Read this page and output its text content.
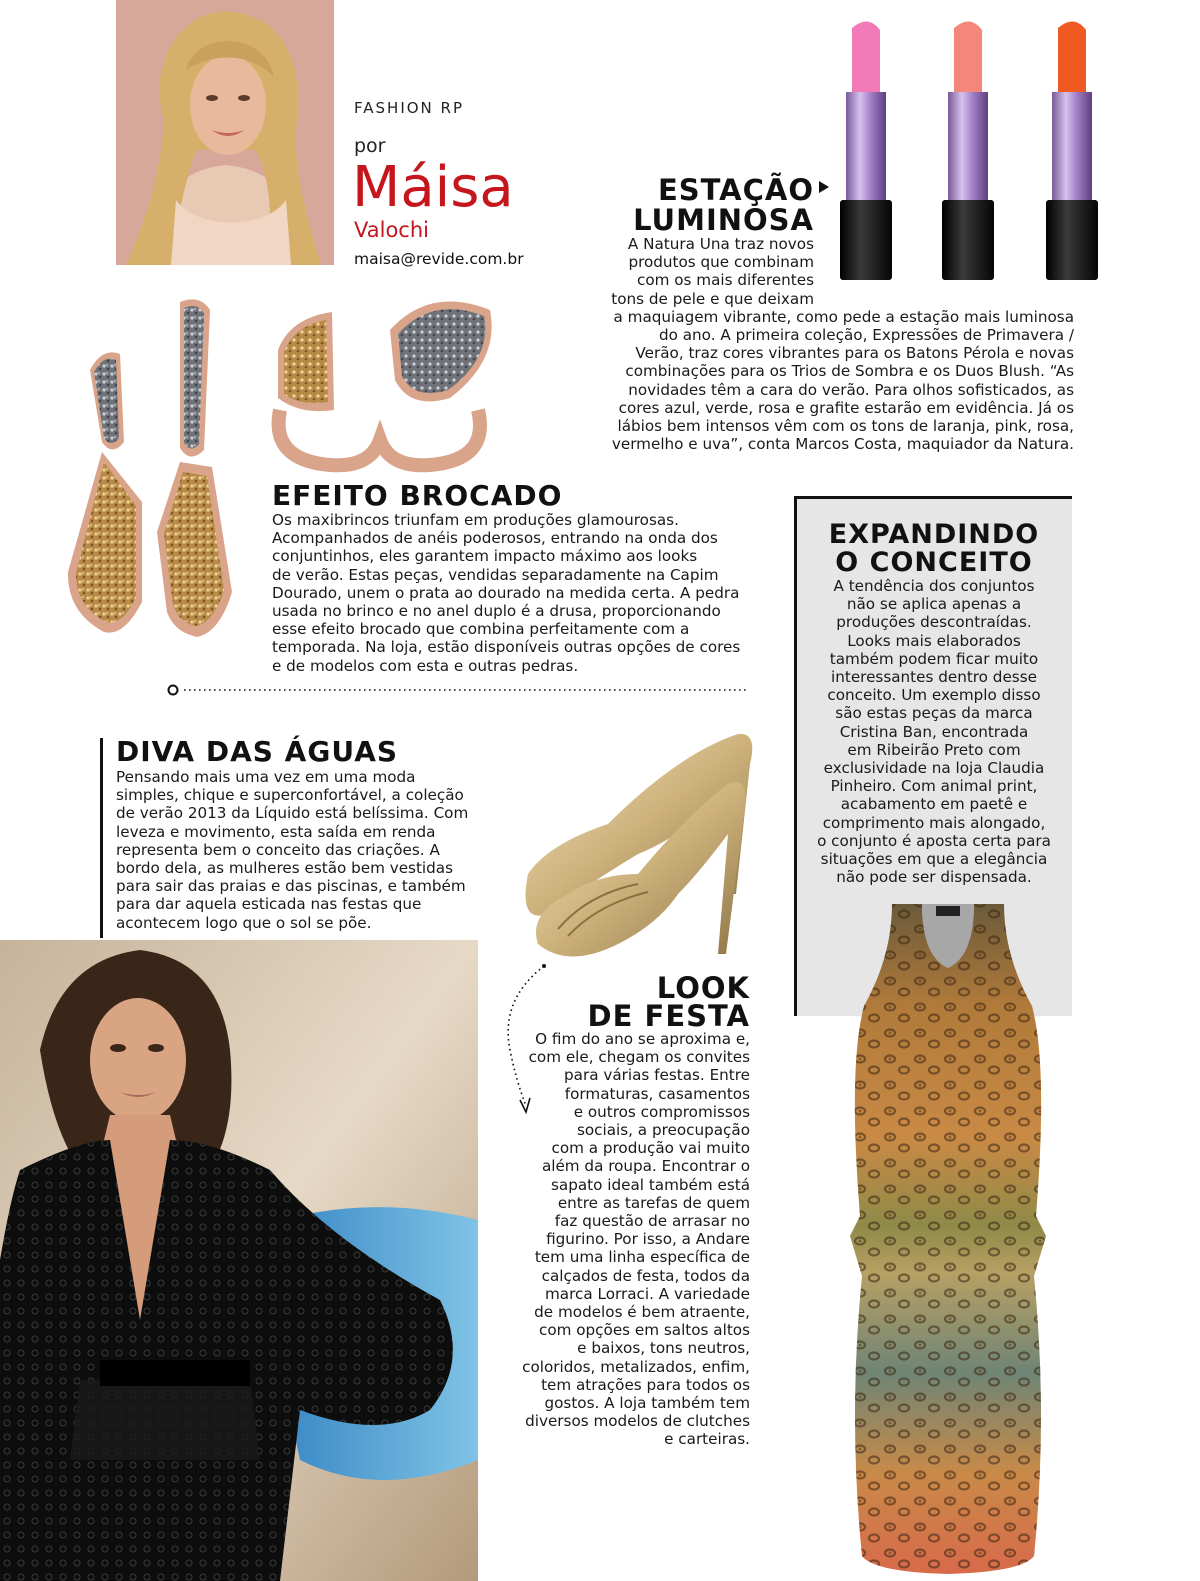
FASHION RP
por
Máisa
Valochi
maisa@revide.com.br
ESTAÇÃO
LUMINOSA
A Natura Una traz novos
produtos que combinam
com os mais diferentes
tons de pele e que deixam
a maquiagem vibrante, como pede a estação mais luminosa
do ano. A primeira coleção, Expressões de Primavera /
Verão, traz cores vibrantes para os Batons Pérola e novas
combinações para os Trios de Sombra e os Duos Blush. “As
novidades têm a cara do verão. Para olhos sofisticados, as
cores azul, verde, rosa e grafite estarão em evidência. Já os
lábios bem intensos vêm com os tons de laranja, pink, rosa,
vermelho e uva”, conta Marcos Costa, maquiador da Natura.
EFEITO BROCADO
Os maxibrincos triunfam em produções glamourosas.
Acompanhados de anéis poderosos, entrando na onda dos
conjuntinhos, eles garantem impacto máximo aos looks
de verão. Estas peças, vendidas separadamente na Capim
Dourado, unem o prata ao dourado na medida certa. A pedra
usada no brinco e no anel duplo é a drusa, proporcionando
esse efeito brocado que combina perfeitamente com a
temporada. Na loja, estão disponíveis outras opções de cores
e de modelos com esta e outras pedras.
EXPANDINDO
O CONCEITO
A tendência dos conjuntos
não se aplica apenas a
produções descontraídas.
Looks mais elaborados
também podem ficar muito
interessantes dentro desse
conceito. Um exemplo disso
são estas peças da marca
Cristina Ban, encontrada
em Ribeirão Preto com
exclusividade na loja Claudia
Pinheiro. Com animal print,
acabamento em paetê e
comprimento mais alongado,
o conjunto é aposta certa para
situações em que a elegância
não pode ser dispensada.
DIVA DAS ÁGUAS
Pensando mais uma vez em uma moda
simples, chique e superconfortável, a coleção
de verão 2013 da Líquido está belíssima. Com
leveza e movimento, esta saída em renda
representa bem o conceito das criações. A
bordo dela, as mulheres estão bem vestidas
para sair das praias e das piscinas, e também
para dar aquela esticada nas festas que
acontecem logo que o sol se põe.
LOOK
DE FESTA
O fim do ano se aproxima e,
com ele, chegam os convites
para várias festas. Entre
formaturas, casamentos
e outros compromissos
sociais, a preocupação
com a produção vai muito
além da roupa. Encontrar o
sapato ideal também está
entre as tarefas de quem
faz questão de arrasar no
figurino. Por isso, a Andare
tem uma linha específica de
calçados de festa, todos da
marca Lorraci. A variedade
de modelos é bem atraente,
com opções em saltos altos
e baixos, tons neutros,
coloridos, metalizados, enfim,
tem atrações para todos os
gostos. A loja também tem
diversos modelos de clutches
e carteiras.
